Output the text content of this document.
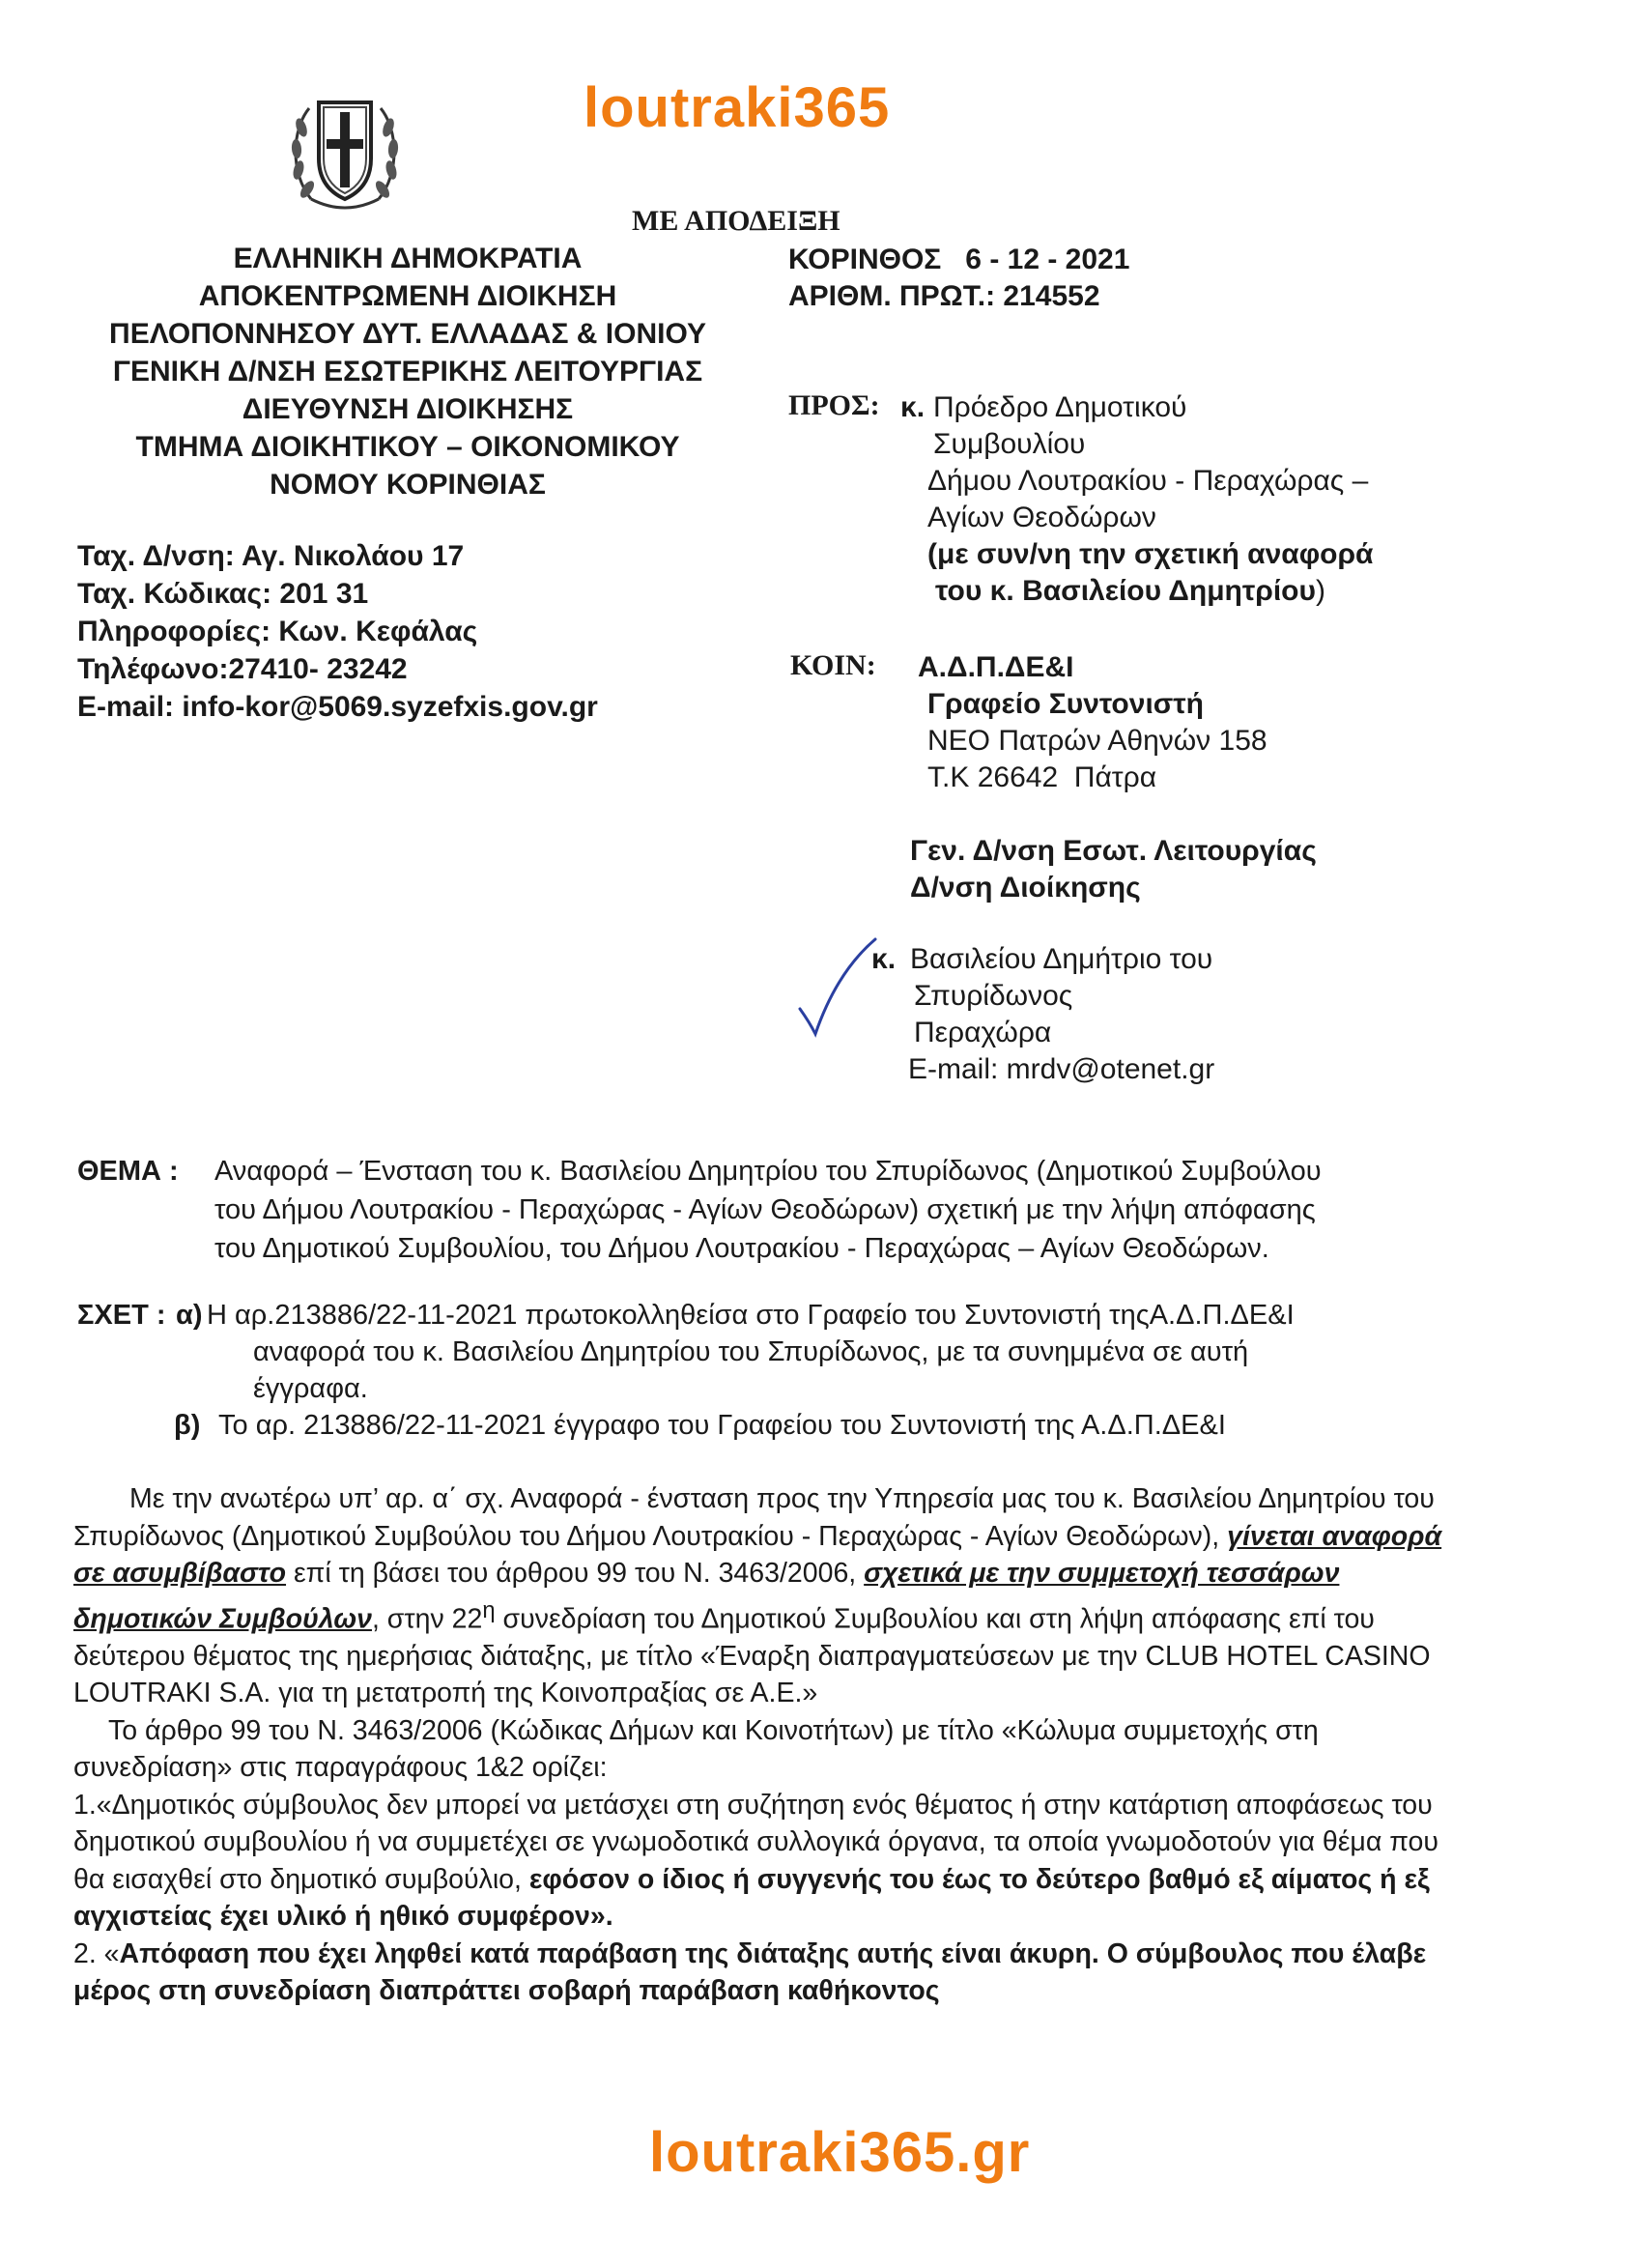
loutraki365
ΜΕ ΑΠΟΔΕΙΞΗ
ΕΛΛΗΝΙΚΗ ΔΗΜΟΚΡΑΤΙΑ
ΑΠΟΚΕΝΤΡΩΜΕΝΗ ΔΙΟΙΚΗΣΗ
ΠΕΛΟΠΟΝΝΗΣΟΥ ΔΥΤ. ΕΛΛΑΔΑΣ & ΙΟΝΙΟΥ
ΓΕΝΙΚΗ Δ/ΝΣΗ ΕΣΩΤΕΡΙΚΗΣ ΛΕΙΤΟΥΡΓΙΑΣ
ΔΙΕΥΘΥΝΣΗ ΔΙΟΙΚΗΣΗΣ
ΤΜΗΜΑ ΔΙΟΙΚΗΤΙΚΟΥ – ΟΙΚΟΝΟΜΙΚΟΥ
ΝΟΜΟΥ ΚΟΡΙΝΘΙΑΣ
ΚΟΡΙΝΘΟΣ   6 - 12 - 2021
ΑΡΙΘΜ. ΠΡΩΤ.: 214552
Ταχ. Δ/νση: Αγ. Νικολάου 17
Ταχ. Κώδικας: 201 31
Πληροφορίες: Κων. Κεφάλας
Τηλέφωνο:27410- 23242
E-mail: info-kor@5069.syzefxis.gov.gr
ΠΡΟΣ: κ. Πρόεδρο Δημοτικού
Συμβουλίου
Δήμου Λουτρακίου - Περαχώρας –
Αγίων Θεοδώρων
(με συν/νη την σχετική αναφορά
του κ. Βασιλείου Δημητρίου)
ΚΟΙΝ: Α.Δ.Π.ΔΕ&Ι
Γραφείο Συντονιστή
ΝΕΟ Πατρών Αθηνών 158
Τ.Κ 26642  Πάτρα
Γεν. Δ/νση Εσωτ. Λειτουργίας
Δ/νση Διοίκησης
κ. Βασιλείου Δημήτριο του
Σπυρίδωνος
Περαχώρα
E-mail: mrdv@otenet.gr
ΘΕΜΑ : Αναφορά – Ένσταση του κ. Βασιλείου Δημητρίου του Σπυρίδωνος (Δημοτικού Συμβούλου
του Δήμου Λουτρακίου - Περαχώρας - Αγίων Θεοδώρων) σχετική με την λήψη απόφασης
του Δημοτικού Συμβουλίου, του Δήμου Λουτρακίου - Περαχώρας – Αγίων Θεοδώρων.
ΣΧΕΤ : α) Η αρ.213886/22-11-2021 πρωτοκολληθείσα στο Γραφείο του Συντονιστή τηςΑ.Δ.Π.ΔΕ&Ι
αναφορά του κ. Βασιλείου Δημητρίου του Σπυρίδωνος, με τα συνημμένα σε αυτή
έγγραφα.
β) Το αρ. 213886/22-11-2021 έγγραφο του Γραφείου του Συντονιστή της Α.Δ.Π.ΔΕ&Ι

Με την ανωτέρω υπ’ αρ. α΄ σχ. Αναφορά - ένσταση προς την Υπηρεσία μας του κ. Βασιλείου Δημητρίου του Σπυρίδωνος (Δημοτικού Συμβούλου του Δήμου Λουτρακίου - Περαχώρας - Αγίων Θεοδώρων), γίνεται αναφορά σε ασυμβίβαστο επί τη βάσει του άρθρου 99 του Ν. 3463/2006, σχετικά με την συμμετοχή τεσσάρων δημοτικών Συμβούλων, στην $22^\eta$ συνεδρίαση του Δημοτικού Συμβουλίου και στη λήψη απόφασης επί του δεύτερου θέματος της ημερήσιας διάταξης, με τίτλο «Έναρξη διαπραγματεύσεων με την CLUB HOTEL CASINO LOUTRAKI S.A. για τη μετατροπή της Κοινοπραξίας σε Α.Ε.»

Το άρθρο 99 του Ν. 3463/2006 (Κώδικας Δήμων και Κοινοτήτων) με τίτλο «Κώλυμα συμμετοχής στη συνεδρίαση» στις παραγράφους 1&2 ορίζει:

1.«Δημοτικός σύμβουλος δεν μπορεί να μετάσχει στη συζήτηση ενός θέματος ή στην κατάρτιση αποφάσεως του δημοτικού συμβουλίου ή να συμμετέχει σε γνωμοδοτικά συλλογικά όργανα, τα οποία γνωμοδοτούν για θέμα που θα εισαχθεί στο δημοτικό συμβούλιο, εφόσον ο ίδιος ή συγγενής του έως το δεύτερο βαθμό εξ αίματος ή εξ αγχιστείας έχει υλικό ή ηθικό συμφέρον».

2. «Απόφαση που έχει ληφθεί κατά παράβαση της διάταξης αυτής είναι άκυρη. Ο σύμβουλος που έλαβε μέρος στη συνεδρίαση διαπράττει σοβαρή παράβαση καθήκοντος

loutraki365.gr
